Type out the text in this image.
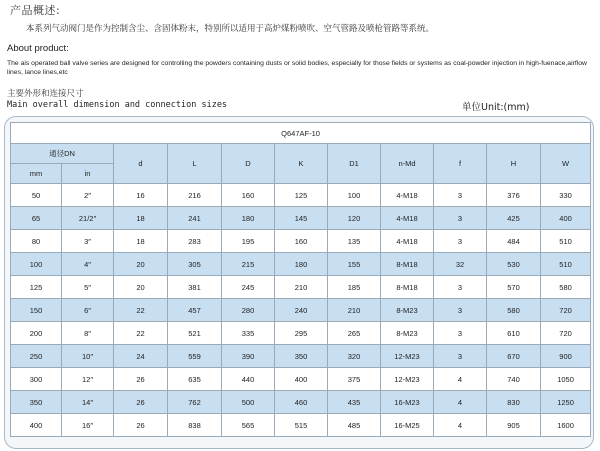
产品概述:
本系列气动阀门是作为控制含尘、含固体粉末，特别所以适用于高炉煤粉喷吹、空气管路及喷枪管路等系统。
About product:
The ais operated ball valve series are designed for controlling the powders containing dusts or solid bodies, especially for those fields or systems as coal-powder injection in high-fuenace,airflow lines, lance lines,etc
主要外形和连接尺寸
Main overall dimension and connection sizes	单位Unit:(mm)
Q647AF-10										
通径DN		d	L	D	K	D1	n-Md	f	H	W
mm	in									
50	2″	16	216	160	125	100	4-M18	3	376	330
65	21/2″	18	241	180	145	120	4-M18	3	425	400
80	3″	18	283	195	160	135	4-M18	3	484	510
100	4″	20	305	215	180	155	8-M18	32	530	510
125	5″	20	381	245	210	185	8-M18	3	570	580
150	6″	22	457	280	240	210	8-M23	3	580	720
200	8″	22	521	335	295	265	8-M23	3	610	720
250	10″	24	559	390	350	320	12-M23	3	670	900
300	12″	26	635	440	400	375	12-M23	4	740	1050
350	14″	26	762	500	460	435	16-M23	4	830	1250
400	16″	26	838	565	515	485	16-M25	4	905	1600
